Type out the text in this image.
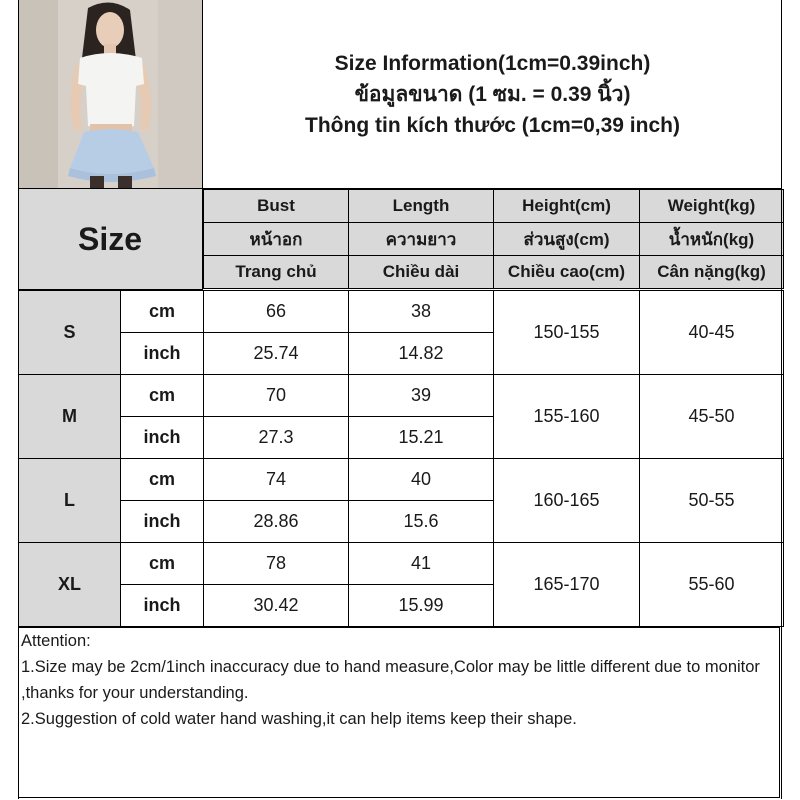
Size Information(1cm=0.39inch)
ข้อมูลขนาด (1 ซม. = 0.39 นิ้ว)
Thông tin kích thước (1cm=0,39 inch)
Size
Bust	Length	Height(cm)	Weight(kg)
หน้าอก	ความยาว	ส่วนสูง(cm)	น้ำหนัก(kg)
Trang chủ	Chiều dài	Chiều cao(cm)	Cân nặng(kg)
S	cm	66	38	150-155	40-45
	inch	25.74	14.82		
M	cm	70	39	155-160	45-50
	inch	27.3	15.21		
L	cm	74	40	160-165	50-55
	inch	28.86	15.6		
XL	cm	78	41	165-170	55-60
	inch	30.42	15.99		
Attention:
1.Size may be 2cm/1inch inaccuracy due to hand measure,Color may be little different due to monitor ,thanks for your understanding.
2.Suggestion of cold water hand washing,it can help items keep their shape.
